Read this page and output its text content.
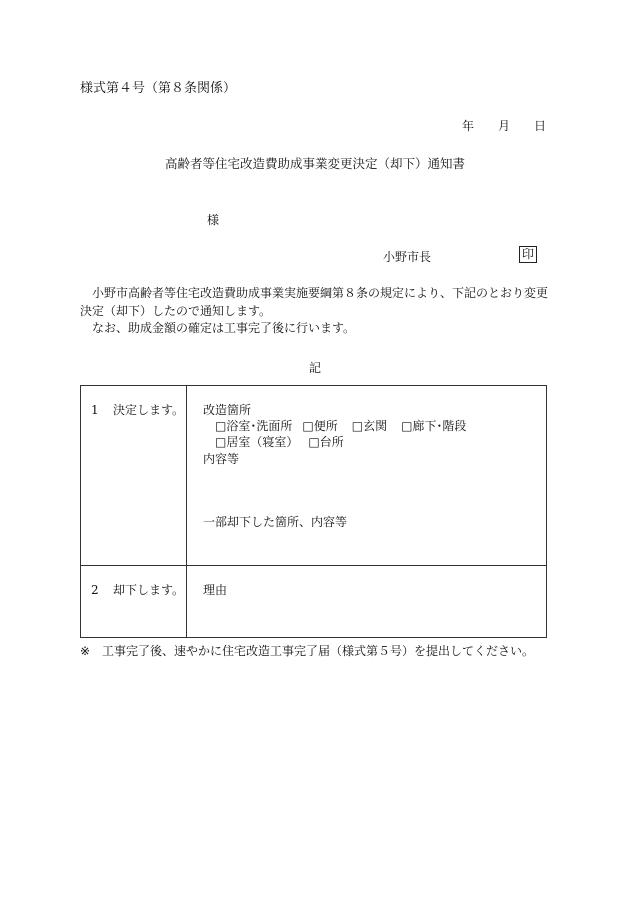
様式第４号（第８条関係）
年 月 日
高齢者等住宅改造費助成事業変更決定（却下）通知書
様
小野市長	印

小野市高齢者等住宅改造費助成事業実施要綱第８条の規定により、下記のとおり変更決定（却下）したので通知します。

なお、助成金額の確定は工事完了後に行います。

記
1 決定します。	改造箇所
□浴室･洗面所 □便所 □玄関 □廊下･階段
□居室（寝室） □台所
内容等
一部却下した箇所、内容等

2 却下します。	理由
※ 工事完了後、速やかに住宅改造工事完了届（様式第５号）を提出してください。
